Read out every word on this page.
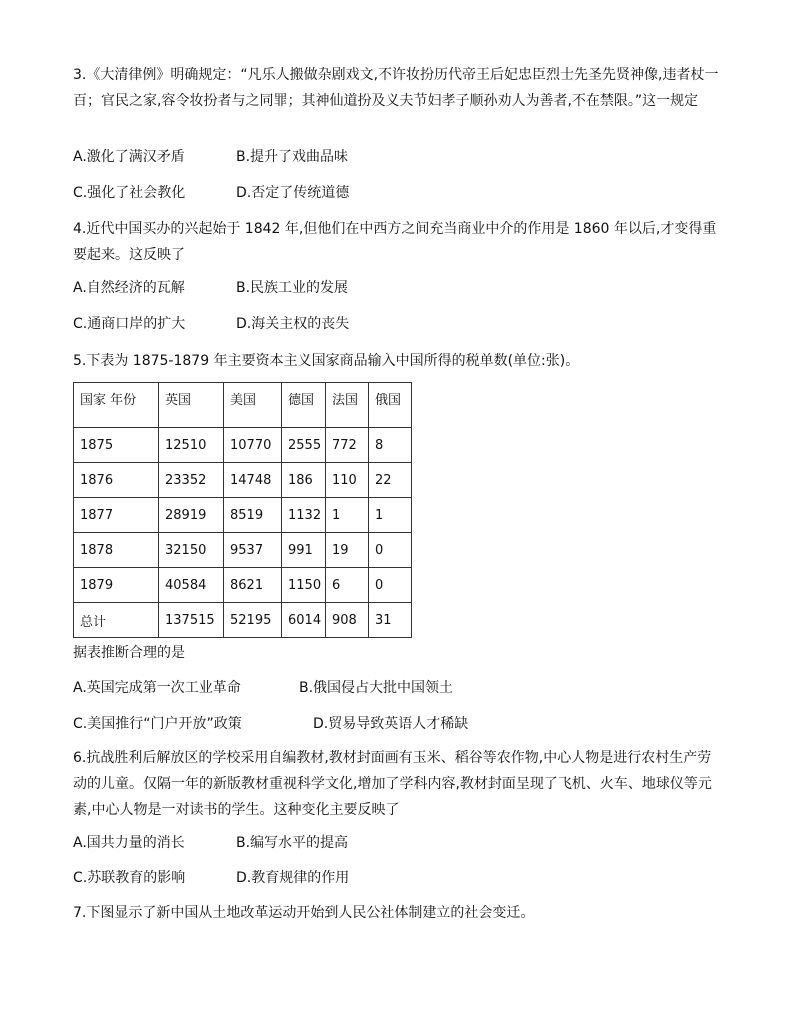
3.《大清律例》明确规定：“凡乐人搬做杂剧戏文,不许妆扮历代帝王后妃忠臣烈士先圣先贤神像,违者杖一百；官民之家,容令妆扮者与之同罪；其神仙道扮及义夫节妇孝子顺孙劝人为善者,不在禁限。”这一规定
A.激化了满汉矛盾	B.提升了戏曲品味
C.强化了社会教化	D.否定了传统道德
4.近代中国买办的兴起始于 1842 年,但他们在中西方之间充当商业中介的作用是 1860 年以后,才变得重要起来。这反映了
A.自然经济的瓦解	B.民族工业的发展
C.通商口岸的扩大	D.海关主权的丧失
5.下表为 1875-1879 年主要资本主义国家商品输入中国所得的税单数(单位:张)。
国家 年份	英国	美国	德国	法国	俄国
1875	12510	10770	2555	772	8
1876	23352	14748	186	110	22
1877	28919	8519	1132	1	1
1878	32150	9537	991	19	0
1879	40584	8621	1150	6	0
总计	137515	52195	6014	908	31
据表推断合理的是
A.英国完成第一次工业革命	B.俄国侵占大批中国领土
C.美国推行“门户开放”政策	D.贸易导致英语人才稀缺
6.抗战胜利后解放区的学校采用自编教材,教材封面画有玉米、稻谷等农作物,中心人物是进行农村生产劳动的儿童。仅隔一年的新版教材重视科学文化,增加了学科内容,教材封面呈现了飞机、火车、地球仪等元素,中心人物是一对读书的学生。这种变化主要反映了
A.国共力量的消长	B.编写水平的提高
C.苏联教育的影响	D.教育规律的作用
7.下图显示了新中国从土地改革运动开始到人民公社体制建立的社会变迁。
